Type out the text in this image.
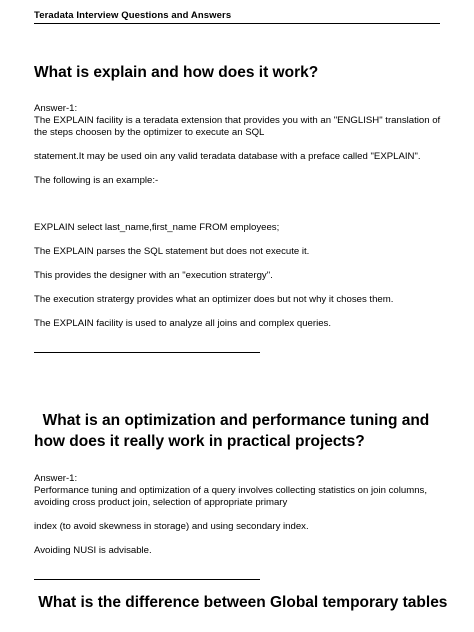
Teradata Interview Questions and Answers
What is explain and how does it work?
Answer-1:
The EXPLAIN facility is a teradata extension that provides you with an "ENGLISH" translation of the steps choosen by the optimizer to execute an SQL
statement.It may be used oin any valid teradata database with a preface called "EXPLAIN".
The following is an example:-
EXPLAIN select last_name,first_name FROM employees;
The EXPLAIN parses the SQL statement but does not execute it.
This provides the designer with an "execution stratergy".
The execution stratergy provides what an optimizer does but not why it choses them.
The EXPLAIN facility is used to analyze all joins and complex queries.
What is an optimization and performance tuning and how does it really work in practical projects?
Answer-1:
Performance tuning and optimization of a query involves collecting statistics on join columns, avoiding cross product join, selection of appropriate primary
index (to avoid skewness in storage) and using secondary index.
Avoiding NUSI is advisable.
What is the difference between Global temporary tables
